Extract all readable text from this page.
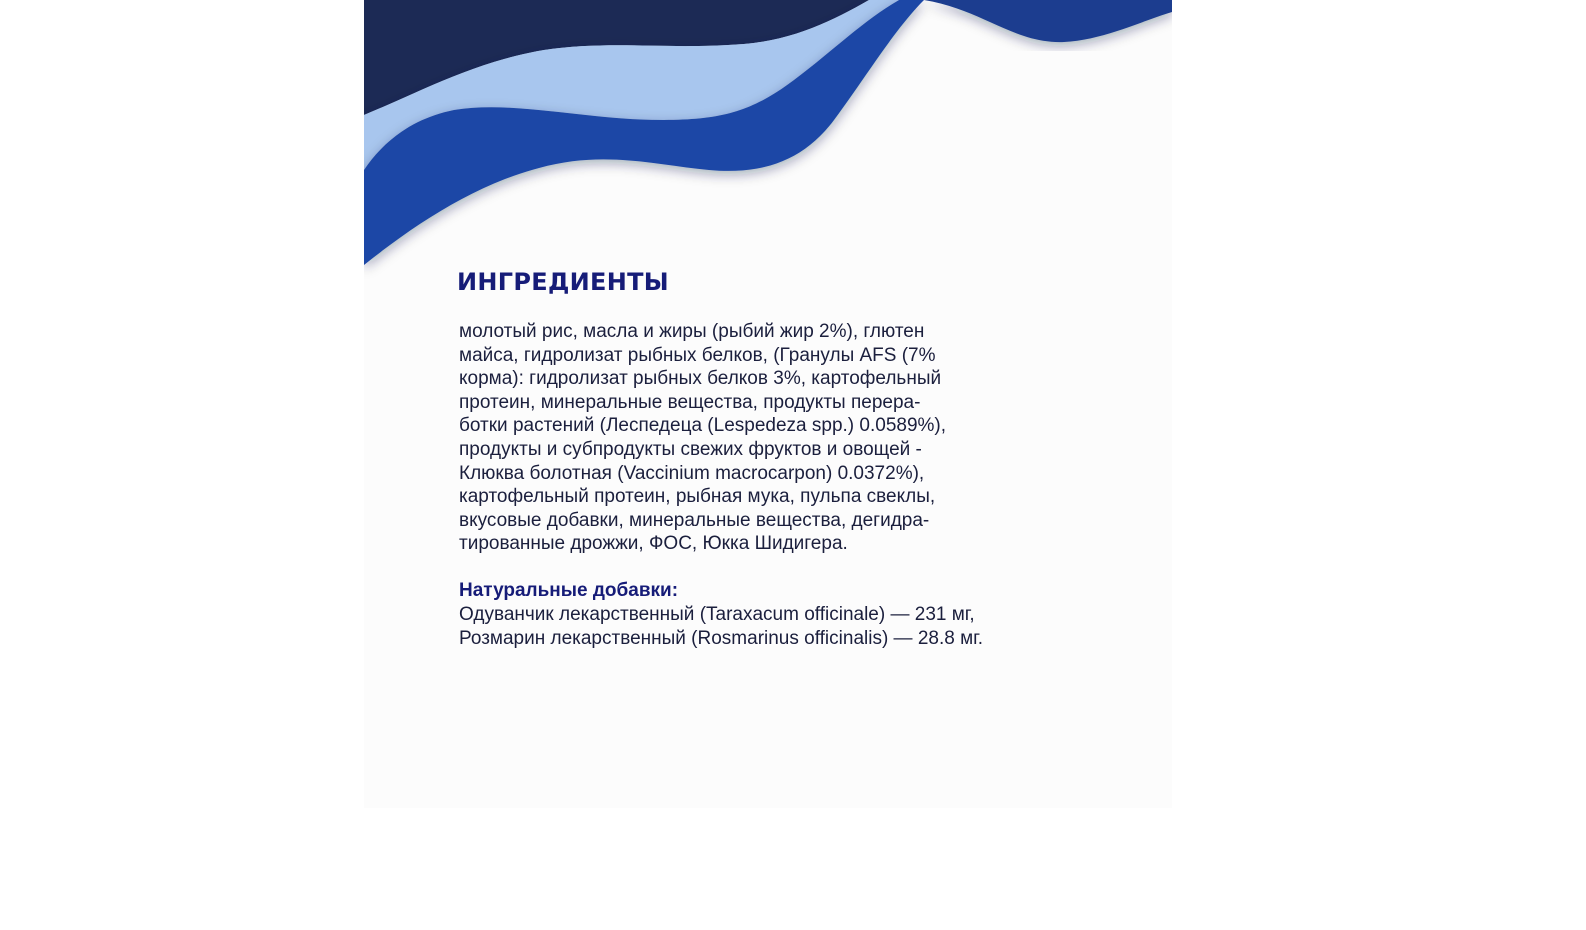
ИНГРЕДИЕНТЫ

молотый рис, масла и жиры (рыбий жир 2%), глютен
майса, гидролизат рыбных белков, (Гранулы AFS (7%
корма): гидролизат рыбных белков 3%, картофельный
протеин, минеральные вещества, продукты перера-
ботки растений (Леспедеца (Lespedeza spp.) 0.0589%),
продукты и субпродукты свежих фруктов и овощей -
Клюква болотная (Vaccinium macrocarpon) 0.0372%),
картофельный протеин, рыбная мука, пульпа свеклы,
вкусовые добавки, минеральные вещества, дегидра-
тированные дрожжи, ФОС, Юкка Шидигера.

Натуральные добавки:
Одуванчик лекарственный (Taraxacum officinale) — 231 мг,
Розмарин лекарственный (Rosmarinus officinalis) — 28.8 мг.
